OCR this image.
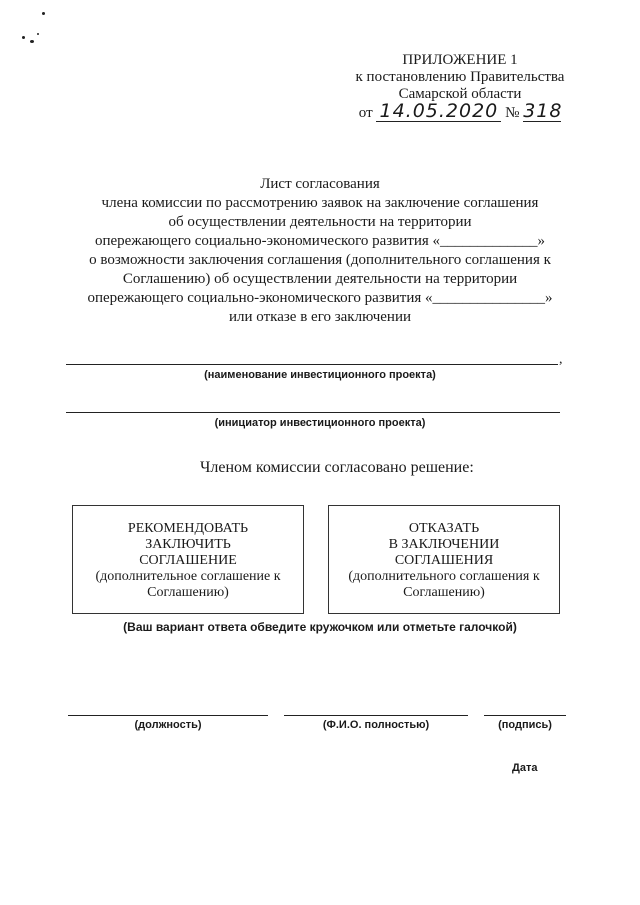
ПРИЛОЖЕНИЕ 1
к постановлению Правительства
Самарской области
от 14.05.2020 № 318
Лист согласования
члена комиссии по рассмотрению заявок на заключение соглашения
об осуществлении деятельности на территории
опережающего социально-экономического развития «_____________»
о возможности заключения соглашения (дополнительного соглашения к
Соглашению) об осуществлении деятельности на территории
опережающего социально-экономического развития «_______________»
или отказе в его заключении
,
(наименование инвестиционного проекта)
(инициатор инвестиционного проекта)
Членом комиссии согласовано решение:
РЕКОМЕНДОВАТЬ
ЗАКЛЮЧИТЬ
СОГЛАШЕНИЕ
(дополнительное соглашение к
Соглашению)
ОТКАЗАТЬ
В ЗАКЛЮЧЕНИИ
СОГЛАШЕНИЯ
(дополнительного соглашения к
Соглашению)
(Ваш вариант ответа обведите кружочком или отметьте галочкой)
(должность)	(Ф.И.О. полностью)	(подпись)
Дата
